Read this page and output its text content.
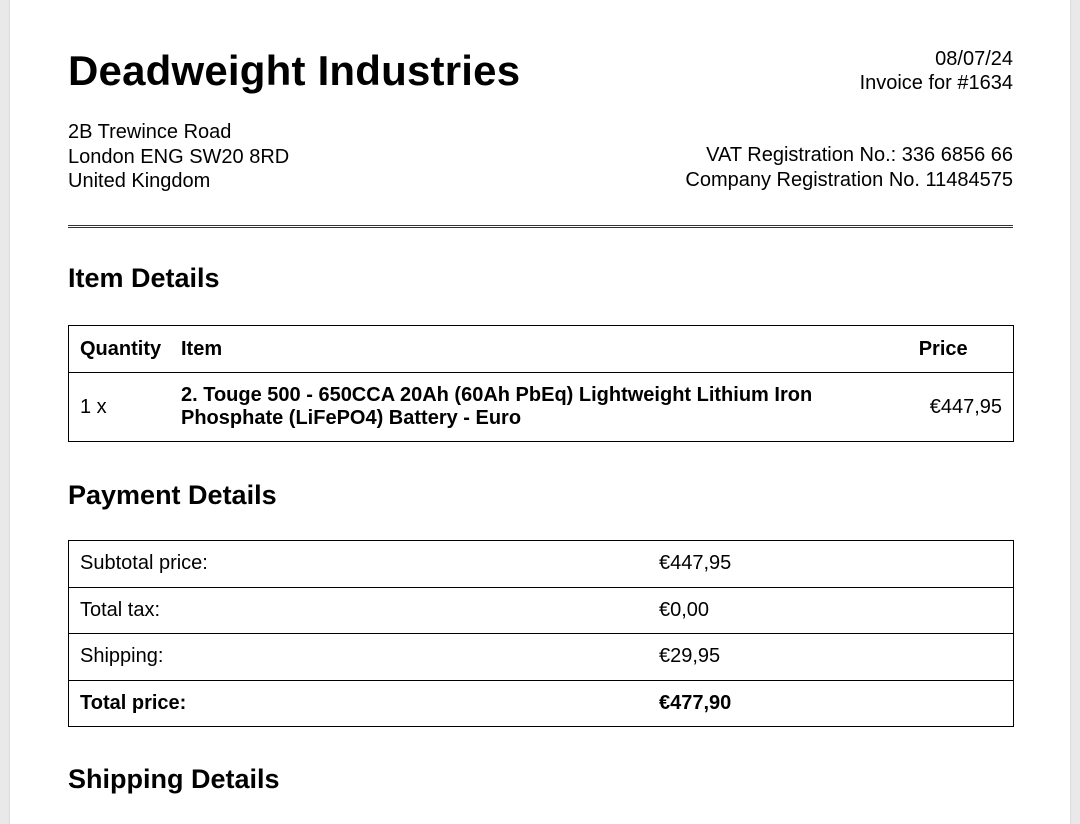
Deadweight Industries	08/07/24
Invoice for #1634
2B Trewince Road
London ENG SW20 8RD
United Kingdom
VAT Registration No.: 336 6856 66
Company Registration No. 11484575
Item Details
Quantity	Item	Price
1 x	2. Touge 500 - 650CCA 20Ah (60Ah PbEq) Lightweight Lithium Iron Phosphate (LiFePO4) Battery - Euro	€447,95
Payment Details
Subtotal price:	€447,95
Total tax:	€0,00
Shipping:	€29,95
Total price:	€477,90
Shipping Details
